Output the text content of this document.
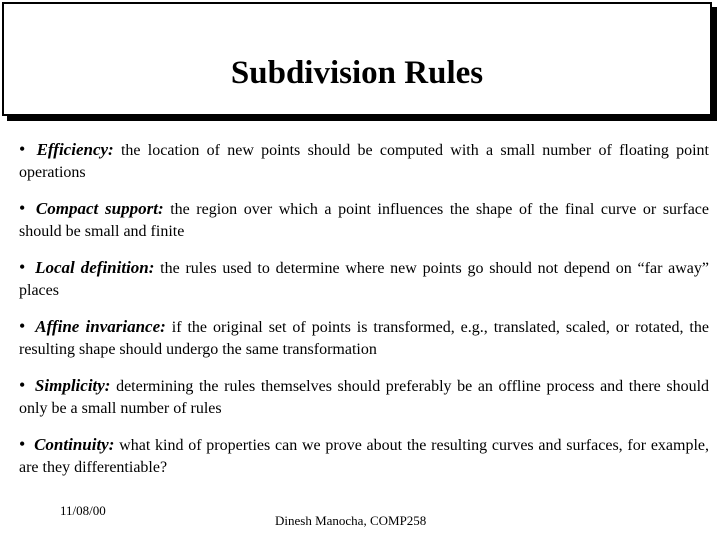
Subdivision Rules
• Efficiency: the location of new points should be computed with a small number of floating point operations
• Compact support: the region over which a point influences the shape of the final curve or surface should be small and finite
• Local definition: the rules used to determine where new points go should not depend on “far away” places
• Affine invariance: if the original set of points is transformed, e.g., translated, scaled, or rotated, the resulting shape should undergo the same transformation
• Simplicity: determining the rules themselves should preferably be an offline process and there should only be a small number of rules
• Continuity: what kind of properties can we prove about the resulting curves and surfaces, for example, are they differentiable?
11/08/00
Dinesh Manocha, COMP258
